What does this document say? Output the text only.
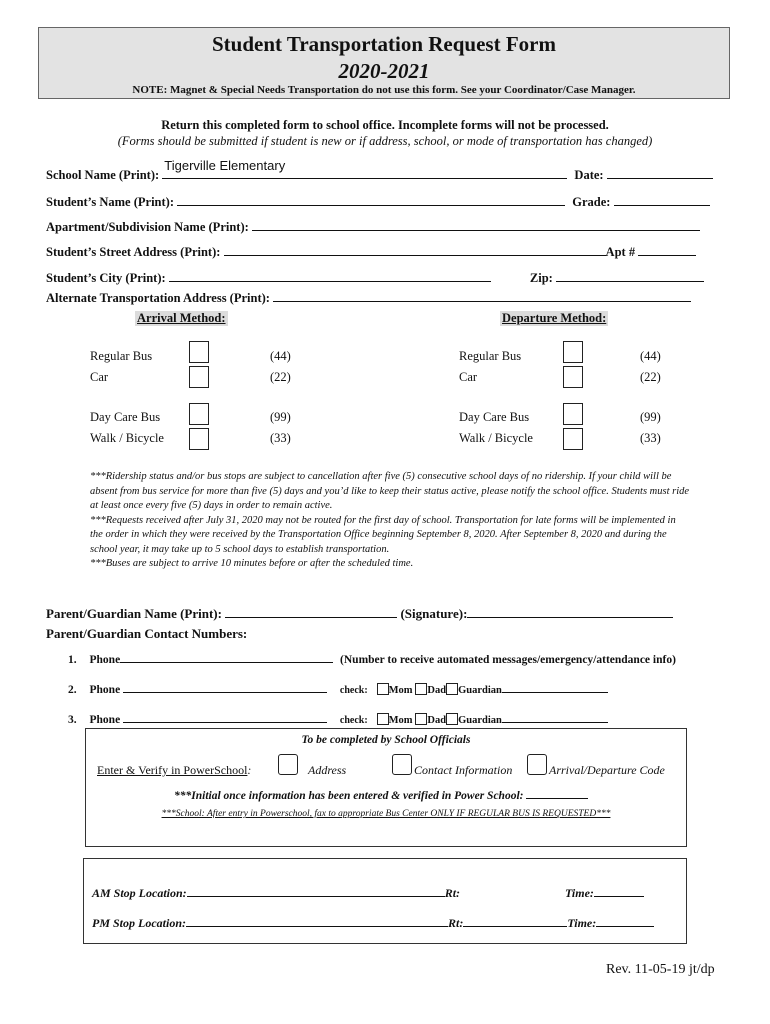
Student Transportation Request Form
2020-2021
NOTE: Magnet & Special Needs Transportation do not use this form. See your Coordinator/Case Manager.
Return this completed form to school office. Incomplete forms will not be processed.
(Forms should be submitted if student is new or if address, school, or mode of transportation has changed)
School Name (Print):
Tigerville Elementary
Date:
Student’s Name (Print):	Grade:
Apartment/Subdivision Name (Print):
Student’s Street Address (Print):	Apt #
Student’s City (Print):	Zip:
Alternate Transportation Address (Print):
Arrival Method:	Departure Method:
Regular Bus	(44)
Car	(22)
Day Care Bus	(99)
Walk / Bicycle	(33)
Regular Bus	(44)
Car	(22)
Day Care Bus	(99)
Walk / Bicycle	(33)
***Ridership status and/or bus stops are subject to cancellation after five (5) consecutive school days of no ridership. If your child will be absent from bus service for more than five (5) days and you’d like to keep their status active, please notify the school office. Students must ride at least once every five (5) days in order to remain active.
***Requests received after July 31, 2020 may not be routed for the first day of school. Transportation for late forms will be implemented in the order in which they were received by the Transportation Office beginning September 8, 2020. After September 8, 2020 and during the school year, it may take up to 5 school days to establish transportation.
***Buses are subject to arrive 10 minutes before or after the scheduled time.
Parent/Guardian Name (Print):	(Signature):
Parent/Guardian Contact Numbers:
1. Phone	(Number to receive automated messages/emergency/attendance info)
2. Phone	check: Mom Dad Guardian
3. Phone	check: Mom Dad Guardian
To be completed by School Officials
Enter & Verify in PowerSchool:	Address	Contact Information	Arrival/Departure Code
***Initial once information has been entered & verified in Power School:
***School: After entry in Powerschool, fax to appropriate Bus Center ONLY IF REGULAR BUS IS REQUESTED***
AM Stop Location:	Rt:	Time:
PM Stop Location:	Rt:	Time:
Rev. 11-05-19 jt/dp
